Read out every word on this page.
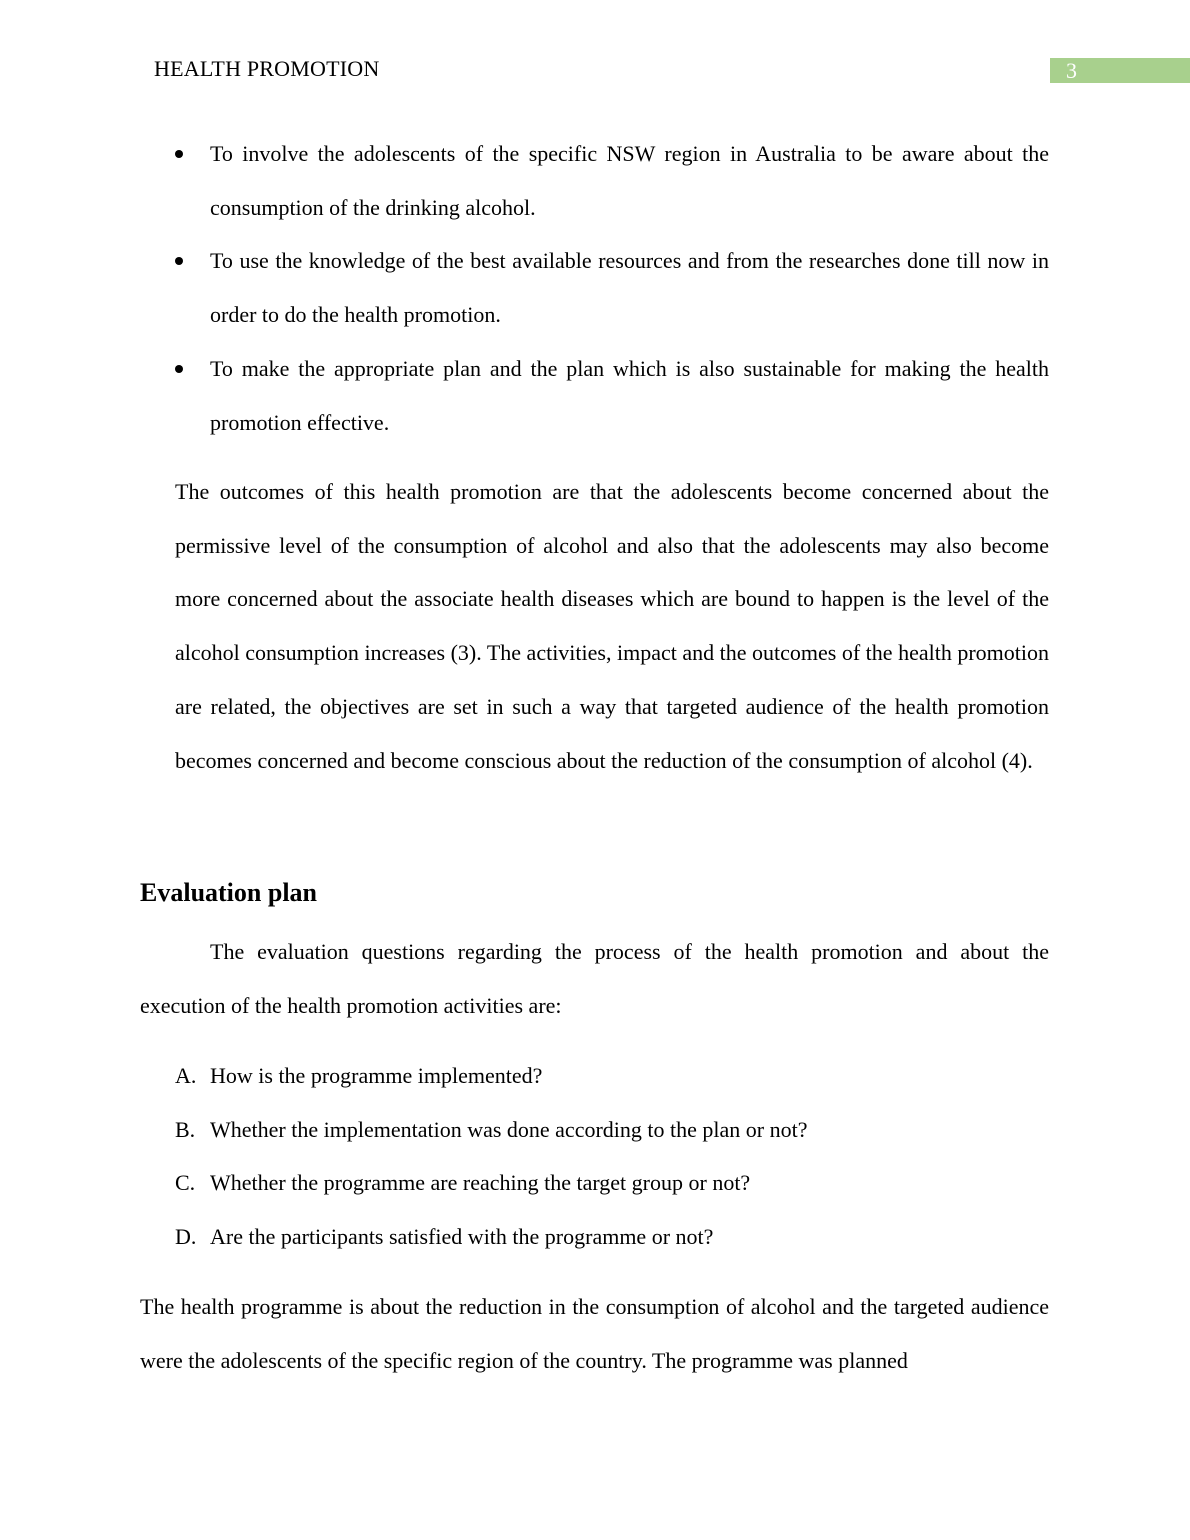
HEALTH PROMOTION	3
To involve the adolescents of the specific NSW region in Australia to be aware about the consumption of the drinking alcohol.
To use the knowledge of the best available resources and from the researches done till now in order to do the health promotion.
To make the appropriate plan and the plan which is also sustainable for making the health promotion effective.

The outcomes of this health promotion are that the adolescents become concerned about the permissive level of the consumption of alcohol and also that the adolescents may also become more concerned about the associate health diseases which are bound to happen is the level of the alcohol consumption increases (3). The activities, impact and the outcomes of the health promotion are related, the objectives are set in such a way that targeted audience of the health promotion becomes concerned and become conscious about the reduction of the consumption of alcohol (4).

Evaluation plan

The evaluation questions regarding the process of the health promotion and about the execution of the health promotion activities are:

A. How is the programme implemented?
B. Whether the implementation was done according to the plan or not?
C. Whether the programme are reaching the target group or not?
D. Are the participants satisfied with the programme or not?

The health programme is about the reduction in the consumption of alcohol and the targeted audience were the adolescents of the specific region of the country. The programme was planned
